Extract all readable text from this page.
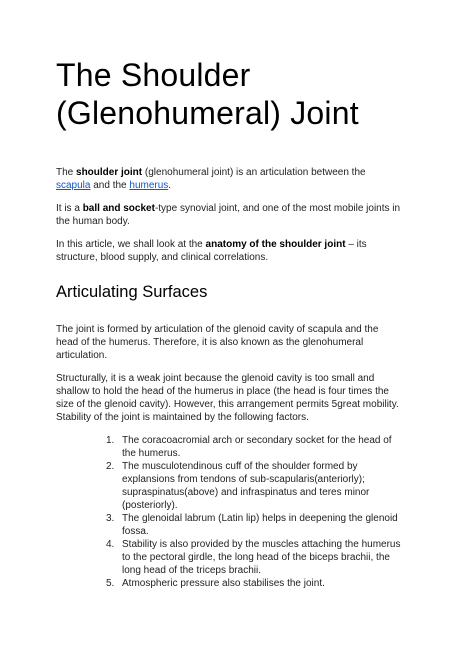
The Shoulder
(Glenohumeral) Joint

The shoulder joint (glenohumeral joint) is an articulation between the scapula and the humerus.

It is a ball and socket-type synovial joint, and one of the most mobile joints in the human body.

In this article, we shall look at the anatomy of the shoulder joint – its structure, blood supply, and clinical correlations.

Articulating Surfaces

The joint is formed by articulation of the glenoid cavity of scapula and the head of the humerus. Therefore, it is also known as the glenohumeral articulation.

Structurally, it is a weak joint because the glenoid cavity is too small and shallow to hold the head of the humerus in place (the head is four times the size of the glenoid cavity). However, this arrangement permits 5great mobility. Stability of the joint is maintained by the following factors.

1. The coracoacromial arch or secondary socket for the head of the humerus.
2. The musculotendinous cuff of the shoulder formed by explansions from tendons of sub-scapularis(anteriorly); supraspinatus(above) and infraspinatus and teres minor (posteriorly).
3. The glenoidal labrum (Latin lip) helps in deepening the glenoid fossa.
4. Stability is also provided by the muscles attaching the humerus to the pectoral girdle, the long head of the biceps brachii, the long head of the triceps brachii.
5. Atmospheric pressure also stabilises the joint.
